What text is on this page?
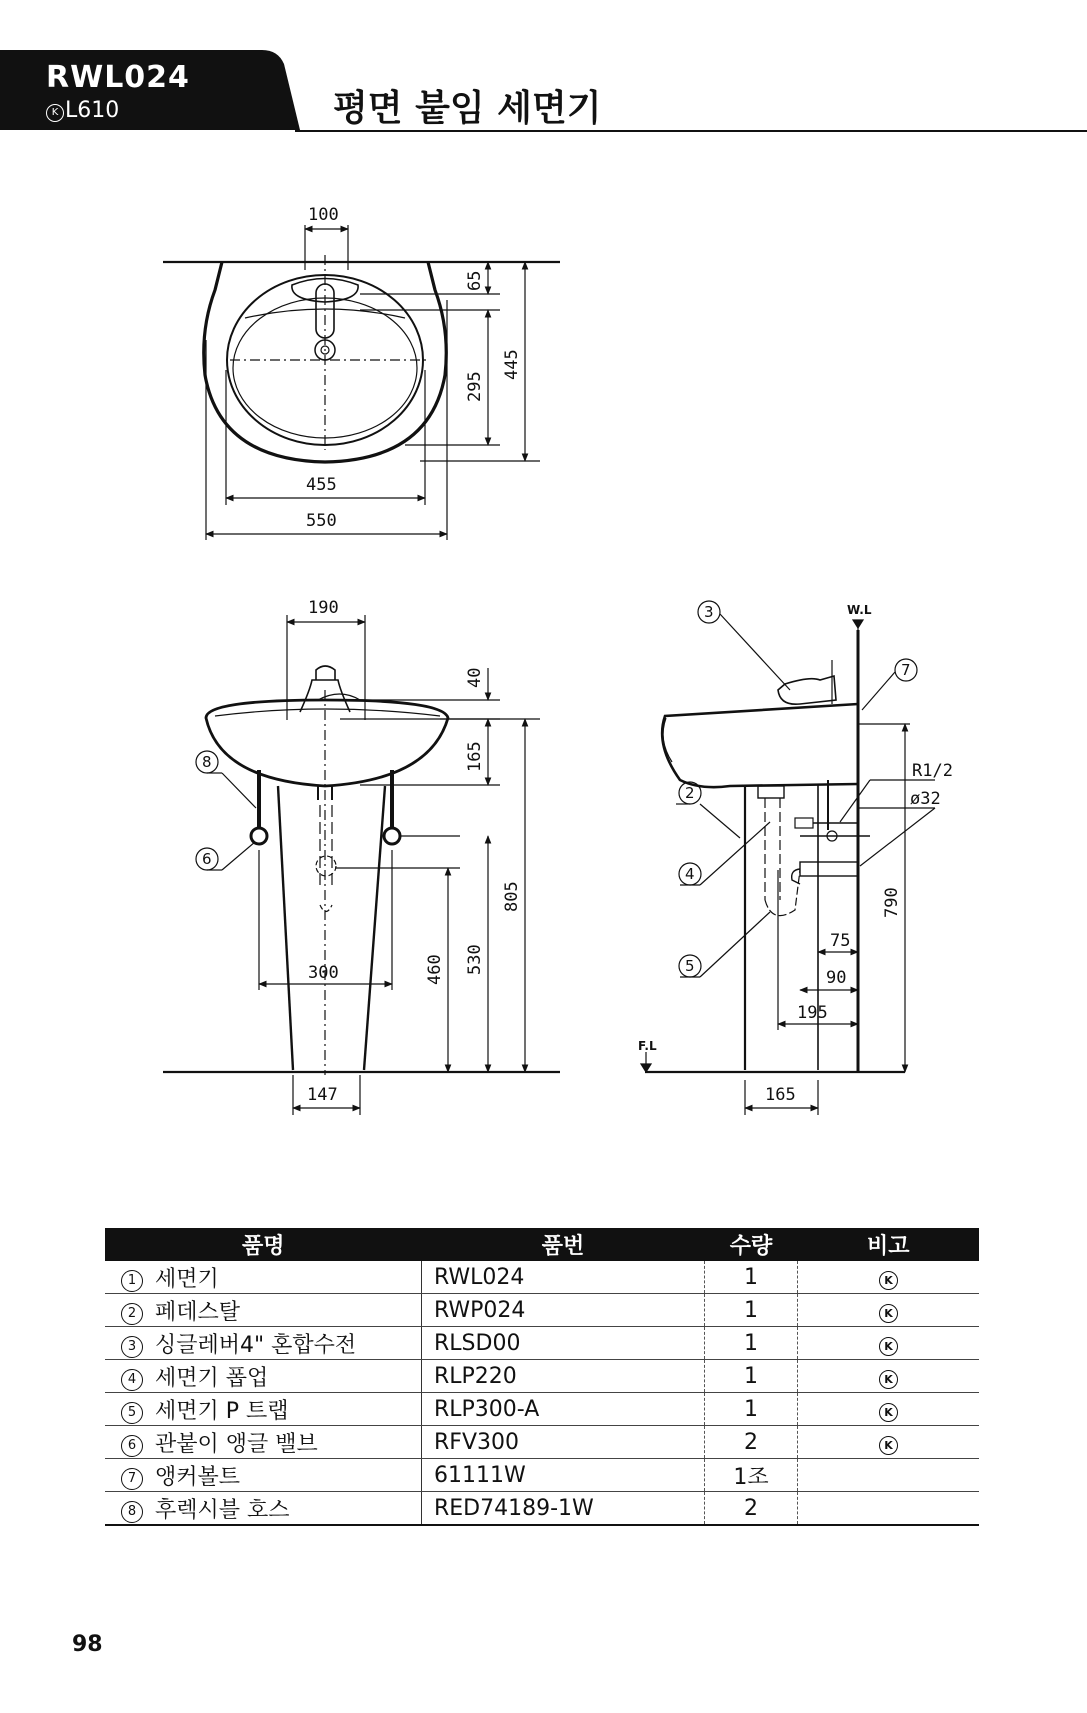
RWL024
K L610	평면 붙임 세면기
100
65
295
445
455
550
190
40
165
805
460 530
300
147
8
6
W.L
F.L
R1/2
ø32
790
75
90
195
165
3
7
2
4
5
품명	품번	수량	비고
1 세면기	RWL024	1	K
2 페데스탈	RWP024	1	K
3 싱글레버4" 혼합수전	RLSD00	1	K
4 세면기 폽업	RLP220	1	K
5 세면기 P 트랩	RLP300-A	1	K
6 관붙이 앵글 밸브	RFV300	2	K
7 앵커볼트	61111W	1조	
8 후렉시블 호스	RED74189-1W	2	
98
